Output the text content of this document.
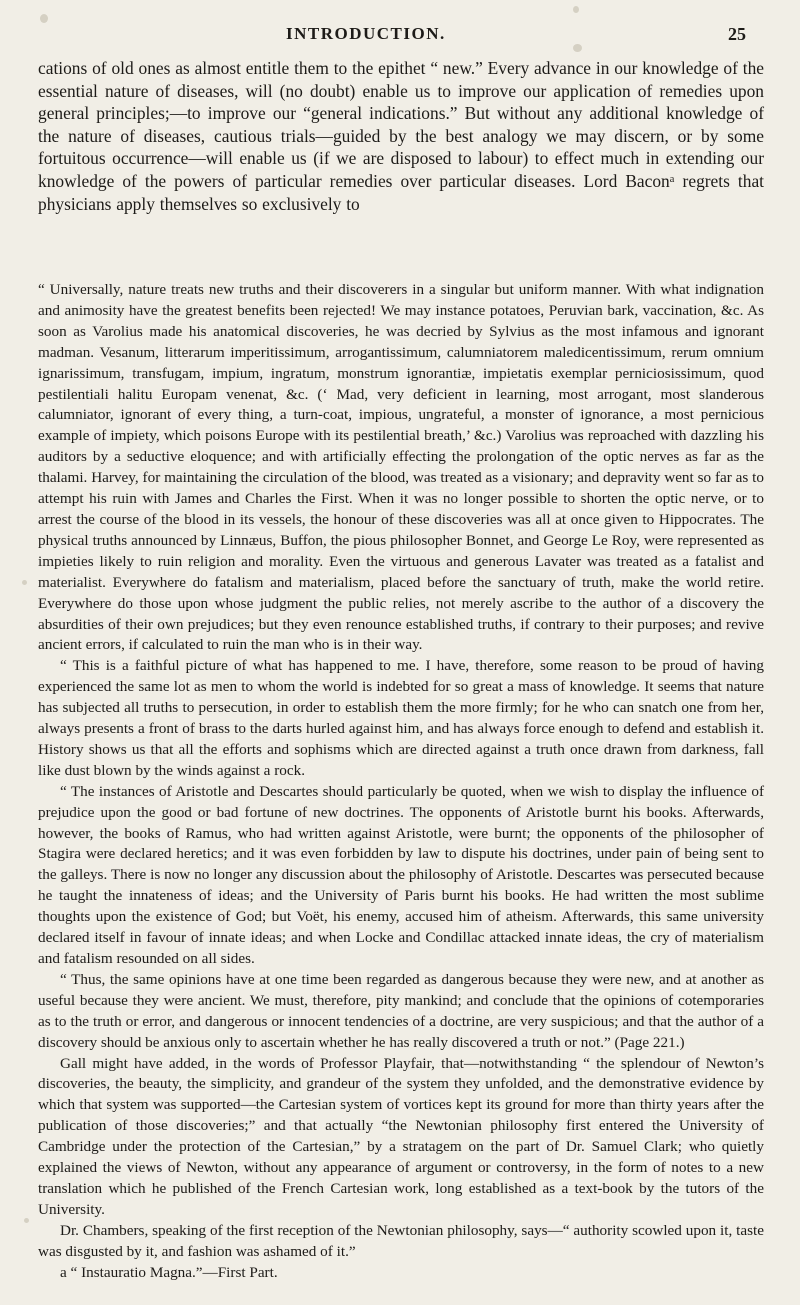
INTRODUCTION.	25

cations of old ones as almost entitle them to the epithet “ new.” Every advance in our knowledge of the essential nature of diseases, will (no doubt) enable us to improve our application of remedies upon general principles;—to improve our “general indications.” But without any additional knowledge of the nature of diseases, cautious trials—guided by the best analogy we may discern, or by some fortuitous occurrence—will enable us (if we are disposed to labour) to effect much in extending our knowledge of the powers of particular remedies over particular diseases. Lord Baconᵃ regrets that physicians apply themselves so exclusively to

“ Universally, nature treats new truths and their discoverers in a singular but uniform manner. With what indignation and animosity have the greatest benefits been rejected! We may instance potatoes, Peruvian bark, vaccination, &c. As soon as Varolius made his anatomical discoveries, he was decried by Sylvius as the most infamous and ignorant madman. Vesanum, litterarum imperitissimum, arrogantissimum, calumniatorem maledicentissimum, rerum omnium ignarissimum, transfugam, impium, ingratum, monstrum ignorantiæ, impietatis exemplar perniciosissimum, quod pestilentiali halitu Europam venenat, &c. (‘ Mad, very deficient in learning, most arrogant, most slanderous calumniator, ignorant of every thing, a turn-coat, impious, ungrateful, a monster of ignorance, a most pernicious example of impiety, which poisons Europe with its pestilential breath,’ &c.) Varolius was reproached with dazzling his auditors by a seductive eloquence; and with artificially effecting the prolongation of the optic nerves as far as the thalami. Harvey, for maintaining the circulation of the blood, was treated as a visionary; and depravity went so far as to attempt his ruin with James and Charles the First. When it was no longer possible to shorten the optic nerve, or to arrest the course of the blood in its vessels, the honour of these discoveries was all at once given to Hippocrates. The physical truths announced by Linnæus, Buffon, the pious philosopher Bonnet, and George Le Roy, were represented as impieties likely to ruin religion and morality. Even the virtuous and generous Lavater was treated as a fatalist and materialist. Everywhere do fatalism and materialism, placed before the sanctuary of truth, make the world retire. Everywhere do those upon whose judgment the public relies, not merely ascribe to the author of a discovery the absurdities of their own prejudices; but they even renounce established truths, if contrary to their purposes; and revive ancient errors, if calculated to ruin the man who is in their way.

“ This is a faithful picture of what has happened to me. I have, therefore, some reason to be proud of having experienced the same lot as men to whom the world is indebted for so great a mass of knowledge. It seems that nature has subjected all truths to persecution, in order to establish them the more firmly; for he who can snatch one from her, always presents a front of brass to the darts hurled against him, and has always force enough to defend and establish it. History shows us that all the efforts and sophisms which are directed against a truth once drawn from darkness, fall like dust blown by the winds against a rock.

“ The instances of Aristotle and Descartes should particularly be quoted, when we wish to display the influence of prejudice upon the good or bad fortune of new doctrines. The opponents of Aristotle burnt his books. Afterwards, however, the books of Ramus, who had written against Aristotle, were burnt; the opponents of the philosopher of Stagira were declared heretics; and it was even forbidden by law to dispute his doctrines, under pain of being sent to the galleys. There is now no longer any discussion about the philosophy of Aristotle. Descartes was persecuted because he taught the innateness of ideas; and the University of Paris burnt his books. He had written the most sublime thoughts upon the existence of God; but Voët, his enemy, accused him of atheism. Afterwards, this same university declared itself in favour of innate ideas; and when Locke and Condillac attacked innate ideas, the cry of materialism and fatalism resounded on all sides.

“ Thus, the same opinions have at one time been regarded as dangerous because they were new, and at another as useful because they were ancient. We must, therefore, pity mankind; and conclude that the opinions of cotemporaries as to the truth or error, and dangerous or innocent tendencies of a doctrine, are very suspicious; and that the author of a discovery should be anxious only to ascertain whether he has really discovered a truth or not.” (Page 221.)

Gall might have added, in the words of Professor Playfair, that—notwithstanding “ the splendour of Newton’s discoveries, the beauty, the simplicity, and grandeur of the system they unfolded, and the demonstrative evidence by which that system was supported—the Cartesian system of vortices kept its ground for more than thirty years after the publication of those discoveries;” and that actually “the Newtonian philosophy first entered the University of Cambridge under the protection of the Cartesian,” by a stratagem on the part of Dr. Samuel Clark; who quietly explained the views of Newton, without any appearance of argument or controversy, in the form of notes to a new translation which he published of the French Cartesian work, long established as a text-book by the tutors of the University.

Dr. Chambers, speaking of the first reception of the Newtonian philosophy, says—“ authority scowled upon it, taste was disgusted by it, and fashion was ashamed of it.”

a “ Instauratio Magna.”—First Part.
